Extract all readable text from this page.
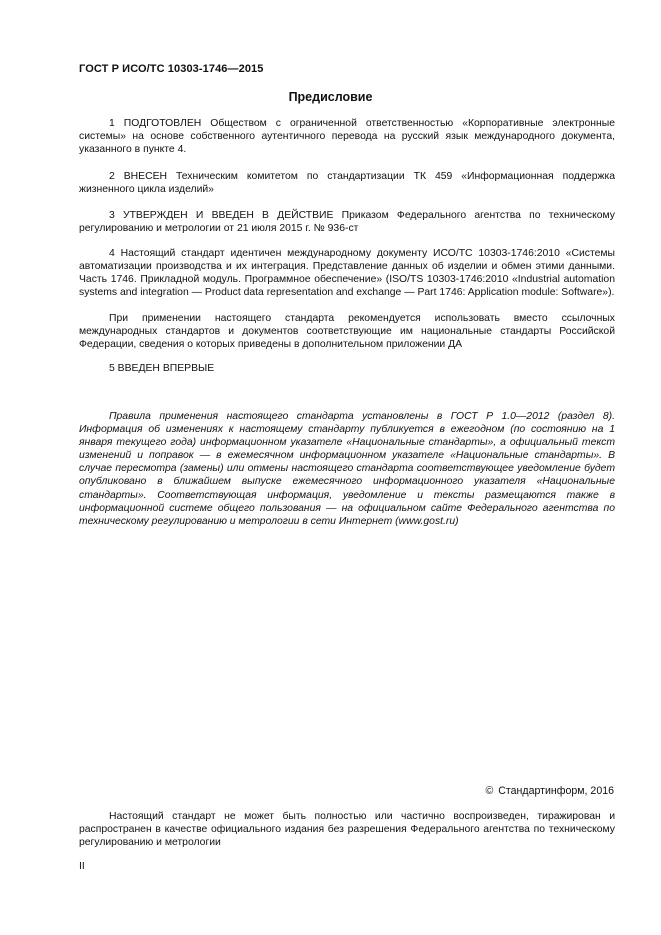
ГОСТ Р ИСО/ТС 10303-1746—2015
Предисловие

1 ПОДГОТОВЛЕН Обществом с ограниченной ответственностью «Корпоративные электронные системы» на основе собственного аутентичного перевода на русский язык международного документа, указанного в пункте 4.

2 ВНЕСЕН Техническим комитетом по стандартизации ТК 459 «Информационная поддержка жизненного цикла изделий»

3 УТВЕРЖДЕН И ВВЕДЕН В ДЕЙСТВИЕ Приказом Федерального агентства по техническому регулированию и метрологии от 21 июля 2015 г. № 936-ст

4 Настоящий стандарт идентичен международному документу ИСО/ТС 10303-1746:2010 «Системы автоматизации производства и их интеграция. Представление данных об изделии и обмен этими данными. Часть 1746. Прикладной модуль. Программное обеспечение» (ISO/TS 10303-1746:2010 «Industrial automation systems and integration — Product data representation and exchange — Part 1746: Application module: Software»).

При применении настоящего стандарта рекомендуется использовать вместо ссылочных международных стандартов и документов соответствующие им национальные стандарты Российской Федерации, сведения о которых приведены в дополнительном приложении ДА

5 ВВЕДЕН ВПЕРВЫЕ

Правила применения настоящего стандарта установлены в ГОСТ Р 1.0—2012 (раздел 8). Информация об изменениях к настоящему стандарту публикуется в ежегодном (по состоянию на 1 января текущего года) информационном указателе «Национальные стандарты», а официальный текст изменений и поправок — в ежемесячном информационном указателе «Национальные стандарты». В случае пересмотра (замены) или отмены настоящего стандарта соответствующее уведомление будет опубликовано в ближайшем выпуске ежемесячного информационного указателя «Национальные стандарты». Соответствующая информация, уведомление и тексты размещаются также в информационной системе общего пользования — на официальном сайте Федерального агентства по техническому регулированию и метрологии в сети Интернет (www.gost.ru)

© Стандартинформ, 2016

Настоящий стандарт не может быть полностью или частично воспроизведен, тиражирован и распространен в качестве официального издания без разрешения Федерального агентства по техническому регулированию и метрологии

II
